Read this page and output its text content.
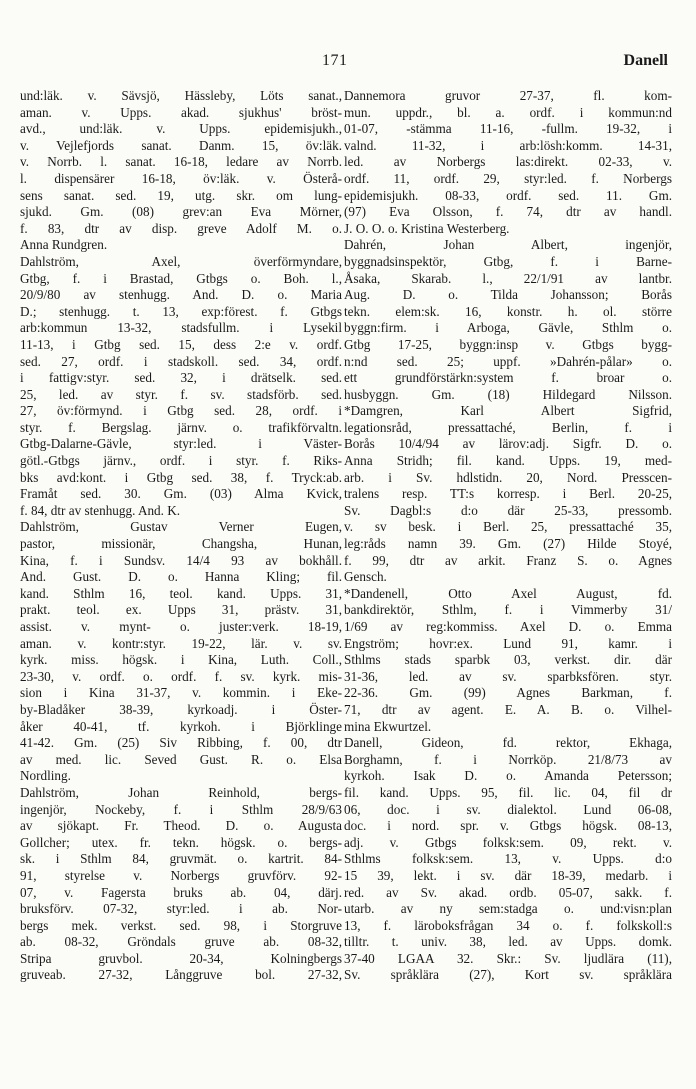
171	Danell
und:läk. v. Sävsjö, Hässleby, Löts sanat.,
aman. v. Upps. akad. sjukhus' bröst-
avd., und:läk. v. Upps. epidemisjukh.,
v. Vejlefjords sanat. Danm. 15, öv:läk.
v. Norrb. l. sanat. 16-18, ledare av Norrb.
l. dispensärer 16-18, öv:läk. v. Österå-
sens sanat. sed. 19, utg. skr. om lung-
sjukd. Gm. (08) grev:an Eva Mörner,
f. 83, dtr av disp. greve Adolf M. o.
Anna Rundgren.
Dahlström, Axel, överförmyndare,
Gtbg, f. i Brastad, Gtbgs o. Boh. l.,
20/9/80 av stenhugg. And. D. o. Maria
D.; stenhugg. t. 13, exp:förest. f. Gtbgs
arb:kommun 13-32, stadsfullm. i Lysekil
11-13, i Gtbg sed. 15, dess 2:e v. ordf.
sed. 27, ordf. i stadskoll. sed. 34, ordf.
i fattigv:styr. sed. 32, i drätselk. sed.
25, led. av styr. f. sv. stadsförb. sed.
27, öv:förmynd. i Gtbg sed. 28, ordf. i
styr. f. Bergslag. järnv. o. trafikförvaltn.
Gtbg-Dalarne-Gävle, styr:led. i Väster-
götl.-Gtbgs järnv., ordf. i styr. f. Riks-
bks avd:kont. i Gtbg sed. 38, f. Tryck:ab.
Framåt sed. 30. Gm. (03) Alma Kvick,
f. 84, dtr av stenhugg. And. K.
Dahlström, Gustav Verner Eugen,
pastor, missionär, Changsha, Hunan,
Kina, f. i Sundsv. 14/4 93 av bokhåll.
And. Gust. D. o. Hanna Kling; fil.
kand. Sthlm 16, teol. kand. Upps. 31,
prakt. teol. ex. Upps 31, prästv. 31,
assist. v. mynt- o. juster:verk. 18-19,
aman. v. kontr:styr. 19-22, lär. v. sv.
kyrk. miss. högsk. i Kina, Luth. Coll.,
23-30, v. ordf. o. ordf. f. sv. kyrk. mis-
sion i Kina 31-37, v. kommin. i Eke-
by-Bladåker 38-39, kyrkoadj. i Öster-
åker 40-41, tf. kyrkoh. i Björklinge
41-42. Gm. (25) Siv Ribbing, f. 00, dtr
av med. lic. Seved Gust. R. o. Elsa
Nordling.
Dahlström, Johan Reinhold, bergs-
ingenjör, Nockeby, f. i Sthlm 28/9/63
av sjökapt. Fr. Theod. D. o. Augusta
Gollcher; utex. fr. tekn. högsk. o. bergs-
sk. i Sthlm 84, gruvmät. o. kartrit. 84-
91, styrelse v. Norbergs gruvförv. 92-
07, v. Fagersta bruks ab. 04, därj.
bruksförv. 07-32, styr:led. i ab. Nor-
bergs mek. verkst. sed. 98, i Storgruve
ab. 08-32, Gröndals gruve ab. 08-32,
Stripa gruvbol. 20-34, Kolningbergs
gruveab. 27-32, Långgruve bol. 27-32,
Dannemora gruvor 27-37, fl. kom-
mun. uppdr., bl. a. ordf. i kommun:nd
01-07, -stämma 11-16, -fullm. 19-32, i
valnd. 11-32, i arb:lösh:komm. 14-31,
led. av Norbergs las:direkt. 02-33, v.
ordf. 11, ordf. 29, styr:led. f. Norbergs
epidemisjukh. 08-33, ordf. sed. 11. Gm.
(97) Eva Olsson, f. 74, dtr av handl.
J. O. O. o. Kristina Westerberg.
Dahrén, Johan Albert, ingenjör,
byggnadsinspektör, Gtbg, f. i Barne-
Åsaka, Skarab. l., 22/1/91 av lantbr.
Aug. D. o. Tilda Johansson; Borås
tekn. elem:sk. 16, konstr. h. ol. större
byggn:firm. i Arboga, Gävle, Sthlm o.
Gtbg 17-25, byggn:insp v. Gtbgs bygg-
n:nd sed. 25; uppf. »Dahrén-pålar» o.
ett grundförstärkn:system f. broar o.
husbyggn. Gm. (18) Hildegard Nilsson.
*Damgren, Karl Albert Sigfrid,
legationsråd, pressattaché, Berlin, f. i
Borås 10/4/94 av lärov:adj. Sigfr. D. o.
Anna Stridh; fil. kand. Upps. 19, med-
arb. i Sv. hdlstidn. 20, Nord. Presscen-
tralens resp. TT:s korresp. i Berl. 20-25,
Sv. Dagbl:s d:o där 25-33, pressomb.
v. sv besk. i Berl. 25, pressattaché 35,
leg:råds namn 39. Gm. (27) Hilde Stoyé,
f. 99, dtr av arkit. Franz S. o. Agnes
Gensch.
*Dandenell, Otto Axel August, fd.
bankdirektör, Sthlm, f. i Vimmerby 31/
1/69 av reg:kommiss. Axel D. o. Emma
Engström; hovr:ex. Lund 91, kamr. i
Sthlms stads sparbk 03, verkst. dir. där
31-36, led. av sv. sparbksfören. styr.
22-36. Gm. (99) Agnes Barkman, f.
71, dtr av agent. E. A. B. o. Vilhel-
mina Ekwurtzel.
Danell, Gideon, fd. rektor, Ekhaga,
Borghamn, f. i Norrköp. 21/8/73 av
kyrkoh. Isak D. o. Amanda Petersson;
fil. kand. Upps. 95, fil. lic. 04, fil dr
06, doc. i sv. dialektol. Lund 06-08,
doc. i nord. spr. v. Gtbgs högsk. 08-13,
adj. v. Gtbgs folksk:sem. 09, rekt. v.
Sthlms folksk:sem. 13, v. Upps. d:o
15 39, lekt. i sv. där 18-39, medarb. i
red. av Sv. akad. ordb. 05-07, sakk. f.
utarb. av ny sem:stadga o. und:visn:plan
13, f. läroboksfrågan 34 o. f. folkskoll:s
tilltr. t. univ. 38, led. av Upps. domk.
37-40 LGAA 32. Skr.: Sv. ljudlära (11),
Sv. språklära (27), Kort sv. språklära
